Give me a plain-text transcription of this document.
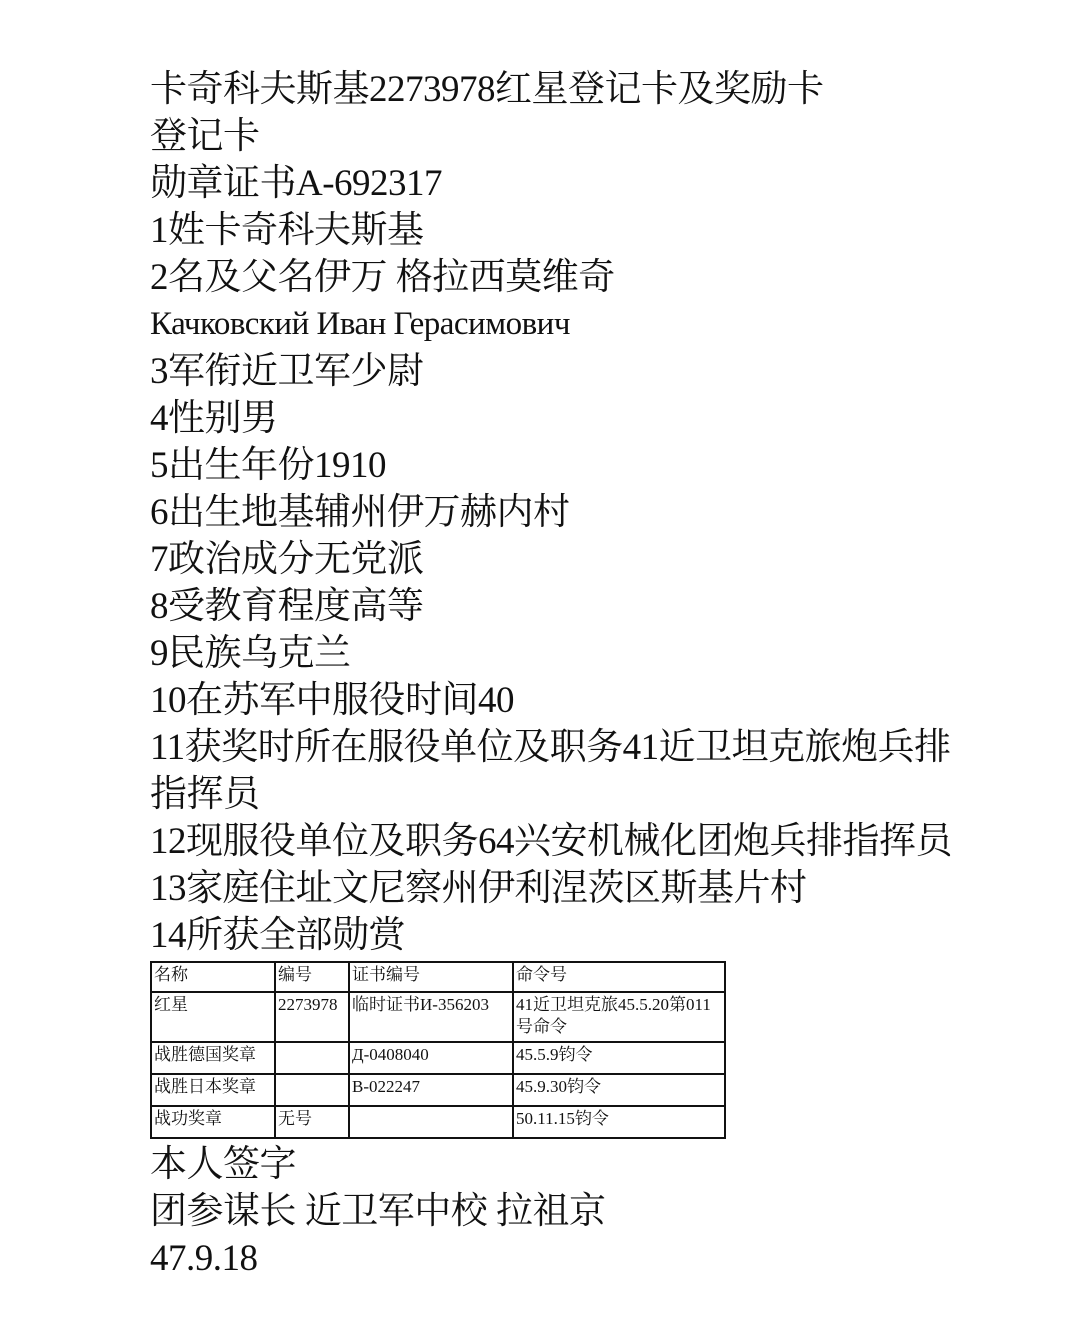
卡奇科夫斯基2273978红星登记卡及奖励卡
登记卡
勋章证书A-692317
1姓卡奇科夫斯基
2名及父名伊万 格拉西莫维奇
Качковский Иван Герасимович
3军衔近卫军少尉
4性别男
5出生年份1910
6出生地基辅州伊万赫内村
7政治成分无党派
8受教育程度高等
9民族乌克兰
10在苏军中服役时间40
11获奖时所在服役单位及职务41近卫坦克旅炮兵排指挥员
12现服役单位及职务64兴安机械化团炮兵排指挥员
13家庭住址文尼察州伊利涅茨区斯基片村
14所获全部勋赏
名称	编号	证书编号	命令号
红星	2273978	临时证书И-356203	41近卫坦克旅45.5.20第011号命令
战胜德国奖章		Д-0408040	45.5.9钧令
战胜日本奖章		B-022247	45.9.30钧令
战功奖章	无号		50.11.15钧令
本人签字
团参谋长 近卫军中校 拉祖京
47.9.18
